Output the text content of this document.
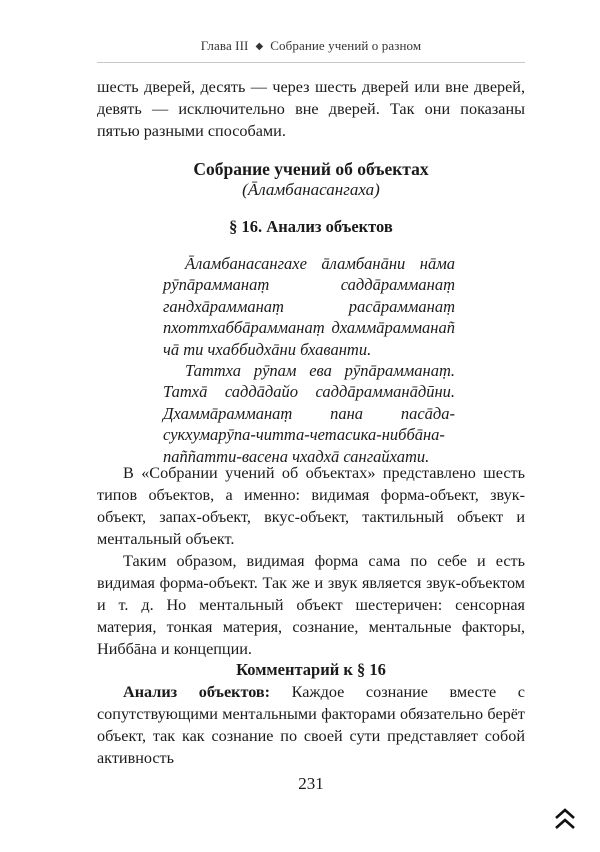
Глава III ◆ Собрание учений о разном

шесть дверей, десять — через шесть дверей или вне дверей, девять — исключительно вне дверей. Так они показаны пятью разными способами.

Собрание учений об объектах
(Āламбанасангаха)
§ 16. Анализ объектов

Āламбанасангахе āламбанāни нāма рӯпāрамманаṃ саддāрамманаṃ гандхāрамманаṃ расāрамманаṃ пхоттхаббāрамманаṃ дхаммāрамманаñ чā ти чхаббидхāни бхаванти.

Таттха рӯпам ева рӯпāрамманаṃ. Татхā саддāдайо саддāрамманāдӣни. Дхаммāрамманаṃ пана пасāда-сукхумарӯпа-читта-четасика-ниббāна-паññатти-васена чхадхā сангайхати.

В «Собрании учений об объектах» представлено шесть типов объектов, а именно: видимая форма-объект, звук-объект, запах-объект, вкус-объект, тактильный объект и ментальный объект.

Таким образом, видимая форма сама по себе и есть видимая форма-объект. Так же и звук является звук-объектом и т. д. Но ментальный объект шестеричен: сенсорная материя, тонкая материя, сознание, ментальные факторы, Ниббāна и концепции.

Комментарий к § 16

Анализ объектов: Каждое сознание вместе с сопутствующими ментальными факторами обязательно берёт объект, так как сознание по своей сути представляет собой активность

231
